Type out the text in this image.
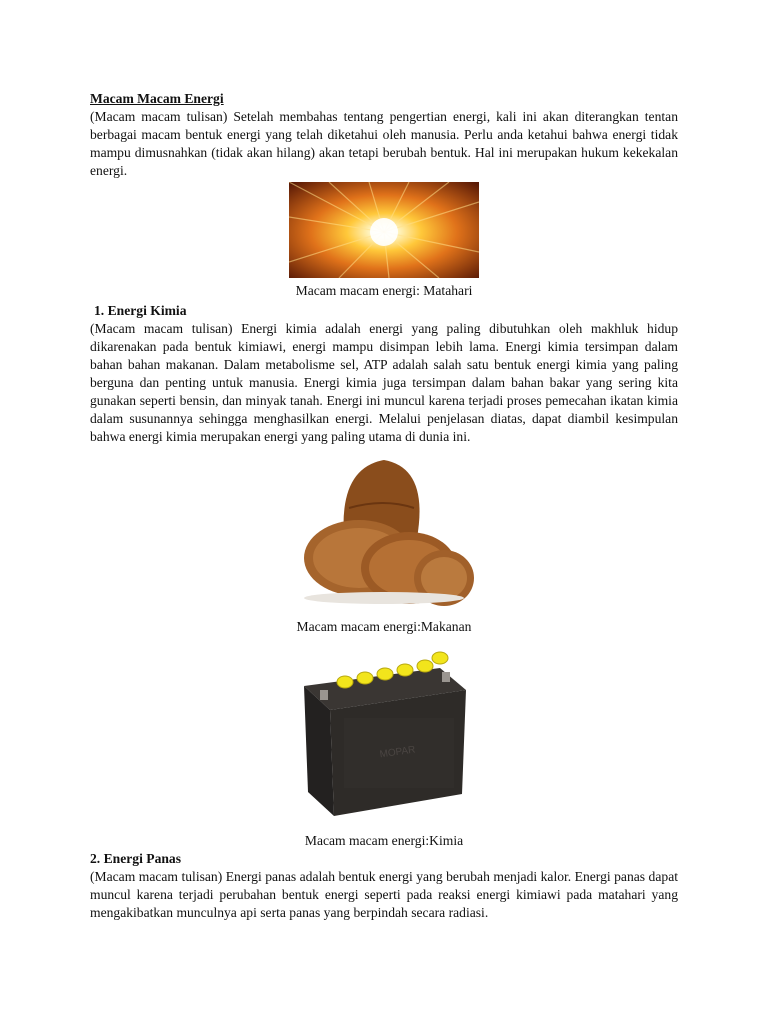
Macam Macam Energi

(Macam macam tulisan) Setelah membahas tentang pengertian energi, kali ini akan diterangkan tentan berbagai macam bentuk energi yang telah diketahui oleh manusia. Perlu anda ketahui bahwa energi tidak mampu dimusnahkan (tidak akan hilang) akan tetapi berubah bentuk. Hal ini merupakan hukum kekekalan energi.

Macam macam energi: Matahari

1. Energi Kimia

(Macam macam tulisan) Energi kimia adalah energi yang paling dibutuhkan oleh makhluk hidup dikarenakan pada bentuk kimiawi, energi mampu disimpan lebih lama. Energi kimia tersimpan dalam bahan bahan makanan. Dalam metabolisme sel, ATP adalah salah satu bentuk energi kimia yang paling berguna dan penting untuk manusia. Energi kimia juga tersimpan dalam bahan bakar yang sering kita gunakan seperti bensin, dan minyak tanah. Energi ini muncul karena terjadi proses pemecahan ikatan kimia dalam susunannya sehingga menghasilkan energi. Melalui penjelasan diatas, dapat diambil kesimpulan bahwa energi kimia merupakan energi yang paling utama di dunia ini.

Macam macam energi:Makanan

MOPAR

Macam macam energi:Kimia

2. Energi Panas

(Macam macam tulisan) Energi panas adalah bentuk energi yang berubah menjadi kalor. Energi panas dapat muncul karena terjadi perubahan bentuk energi seperti pada reaksi energi kimiawi pada matahari yang mengakibatkan munculnya api serta panas yang berpindah secara radiasi.
